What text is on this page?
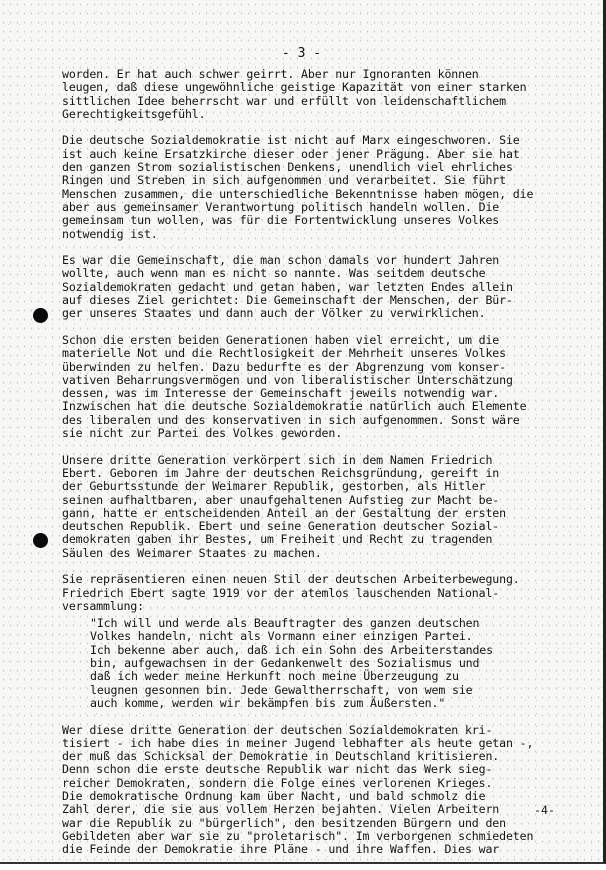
- 3 -
worden. Er hat auch schwer geirrt. Aber nur Ignoranten können
leugen, daß diese ungewöhnliche geistige Kapazität von einer starken
sittlichen Idee beherrscht war und erfüllt von leidenschaftlichem
Gerechtigkeitsgefühl.
Die deutsche Sozialdemokratie ist nicht auf Marx eingeschworen. Sie
ist auch keine Ersatzkirche dieser oder jener Prägung. Aber sie hat
den ganzen Strom sozialistischen Denkens, unendlich viel ehrliches
Ringen und Streben in sich aufgenommen und verarbeitet. Sie führt
Menschen zusammen, die unterschiedliche Bekenntnisse haben mögen, die
aber aus gemeinsamer Verantwortung politisch handeln wollen. Die
gemeinsam tun wollen, was für die Fortentwicklung unseres Volkes
notwendig ist.
Es war die Gemeinschaft, die man schon damals vor hundert Jahren
wollte, auch wenn man es nicht so nannte. Was seitdem deutsche
Sozialdemokraten gedacht und getan haben, war letzten Endes allein
auf dieses Ziel gerichtet: Die Gemeinschaft der Menschen, der Bür-
ger unseres Staates und dann auch der Völker zu verwirklichen.
Schon die ersten beiden Generationen haben viel erreicht, um die
materielle Not und die Rechtlosigkeit der Mehrheit unseres Volkes
überwinden zu helfen. Dazu bedurfte es der Abgrenzung vom konser-
vativen Beharrungsvermögen und von liberalistischer Unterschätzung
dessen, was im Interesse der Gemeinschaft jeweils notwendig war.
Inzwischen hat die deutsche Sozialdemokratie natürlich auch Elemente
des liberalen und des konservativen in sich aufgenommen. Sonst wäre
sie nicht zur Partei des Volkes geworden.
Unsere dritte Generation verkörpert sich in dem Namen Friedrich
Ebert. Geboren im Jahre der deutschen Reichsgründung, gereift in
der Geburtsstunde der Weimarer Republik, gestorben, als Hitler
seinen aufhaltbaren, aber unaufgehaltenen Aufstieg zur Macht be-
gann, hatte er entscheidenden Anteil an der Gestaltung der ersten
deutschen Republik. Ebert und seine Generation deutscher Sozial-
demokraten gaben ihr Bestes, um Freiheit und Recht zu tragenden
Säulen des Weimarer Staates zu machen.
Sie repräsentieren einen neuen Stil der deutschen Arbeiterbewegung.
Friedrich Ebert sagte 1919 vor der atemlos lauschenden National-
versammlung:
"Ich will und werde als Beauftragter des ganzen deutschen
Volkes handeln, nicht als Vormann einer einzigen Partei.
Ich bekenne aber auch, daß ich ein Sohn des Arbeiterstandes
bin, aufgewachsen in der Gedankenwelt des Sozialismus und
daß ich weder meine Herkunft noch meine Überzeugung zu
leugnen gesonnen bin. Jede Gewaltherrschaft, von wem sie
auch komme, werden wir bekämpfen bis zum Äußersten."
Wer diese dritte Generation der deutschen Sozialdemokraten kri-
tisiert - ich habe dies in meiner Jugend lebhafter als heute getan -,
der muß das Schicksal der Demokratie in Deutschland kritisieren.
Denn schon die erste deutsche Republik war nicht das Werk sieg-
reicher Demokraten, sondern die Folge eines verlorenen Krieges.
Die demokratische Ordnung kam über Nacht, und bald schmolz die
Zahl derer, die sie aus vollem Herzen bejahten. Vielen Arbeitern
war die Republik zu "bürgerlich", den besitzenden Bürgern und den
Gebildeten aber war sie zu "proletarisch". Im verborgenen schmiedeten
die Feinde der Demokratie ihre Pläne - und ihre Waffen. Dies war
-4-
